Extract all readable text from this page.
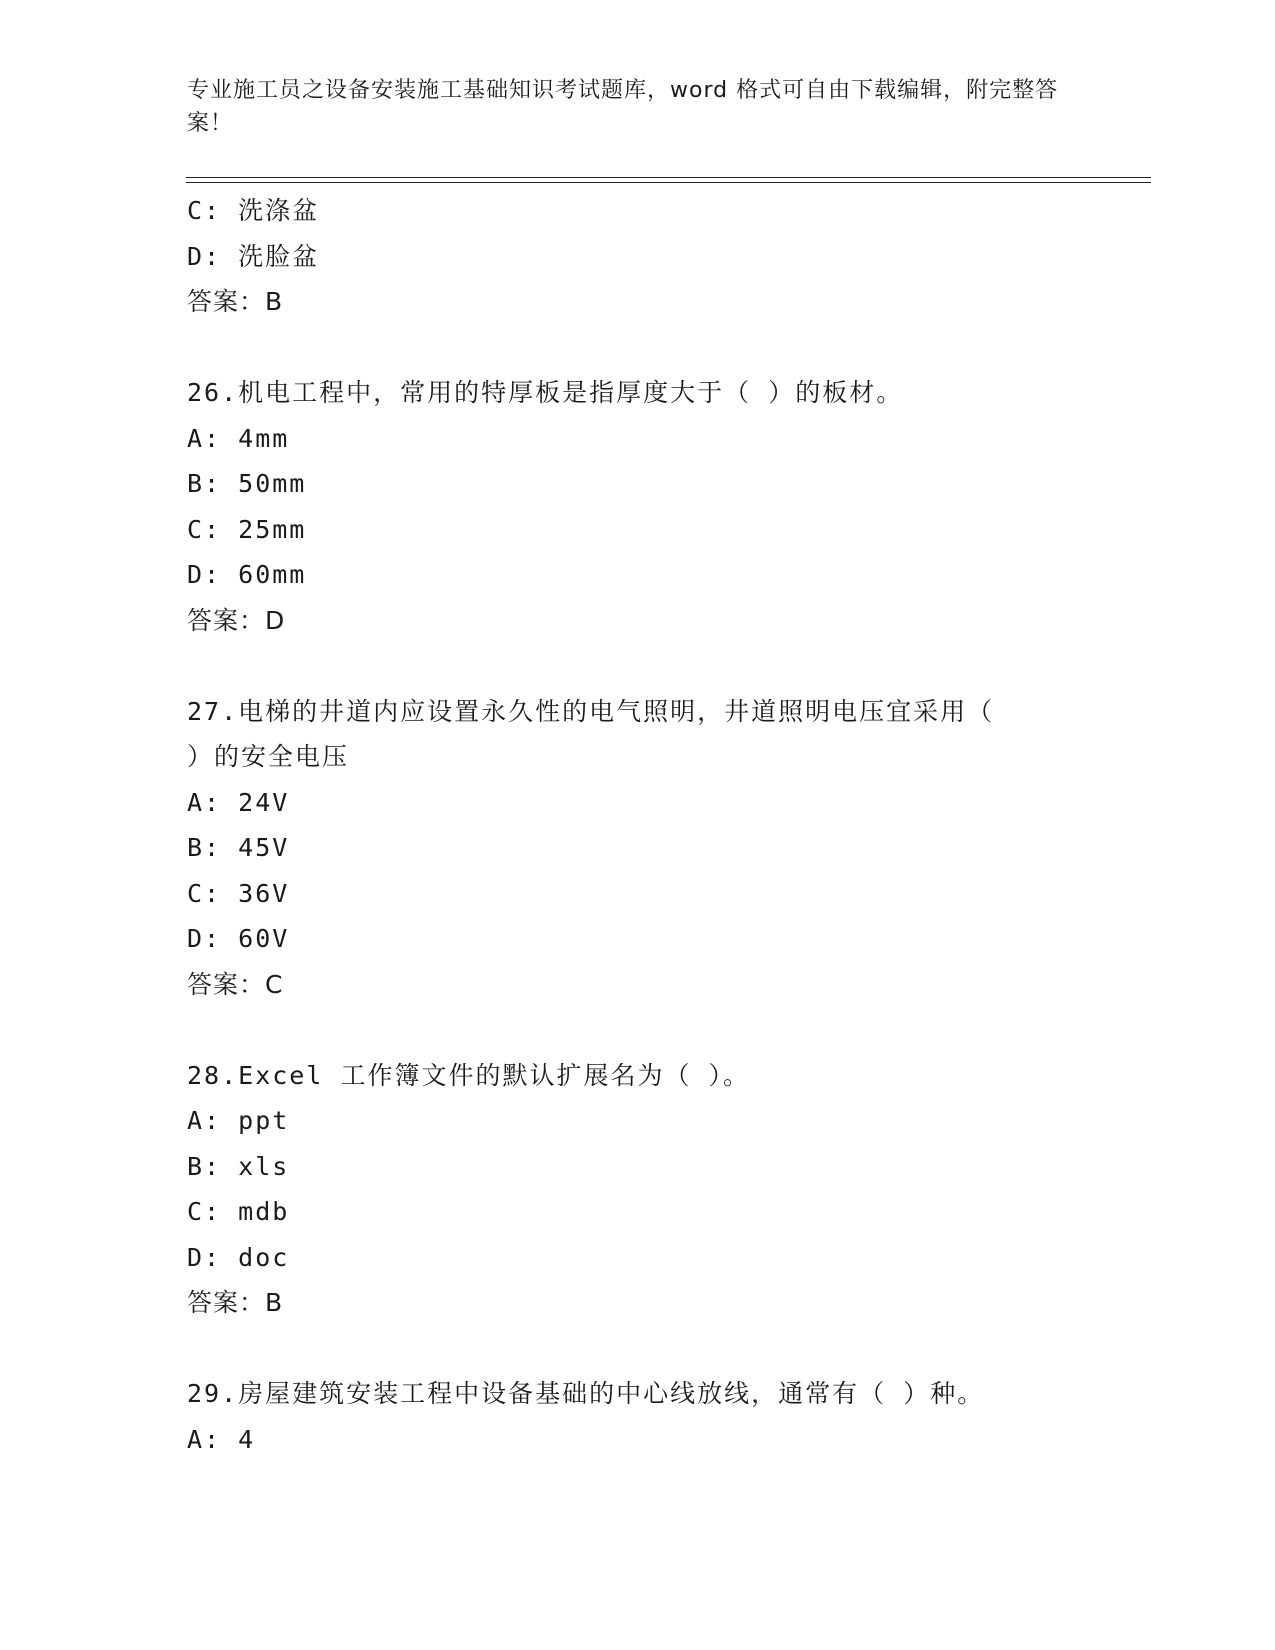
专业施工员之设备安装施工基础知识考试题库，word 格式可自由下载编辑，附完整答案！
C: 洗涤盆
D: 洗脸盆
答案：B
26.机电工程中，常用的特厚板是指厚度大于（ ）的板材。
A: 4mm
B: 50mm
C: 25mm
D: 60mm
答案：D
27.电梯的井道内应设置永久性的电气照明，井道照明电压宜采用（
）的安全电压
A: 24V
B: 45V
C: 36V
D: 60V
答案：C
28.Excel 工作簿文件的默认扩展名为（ ）。
A: ppt
B: xls
C: mdb
D: doc
答案：B
29.房屋建筑安装工程中设备基础的中心线放线，通常有（ ）种。
A: 4
